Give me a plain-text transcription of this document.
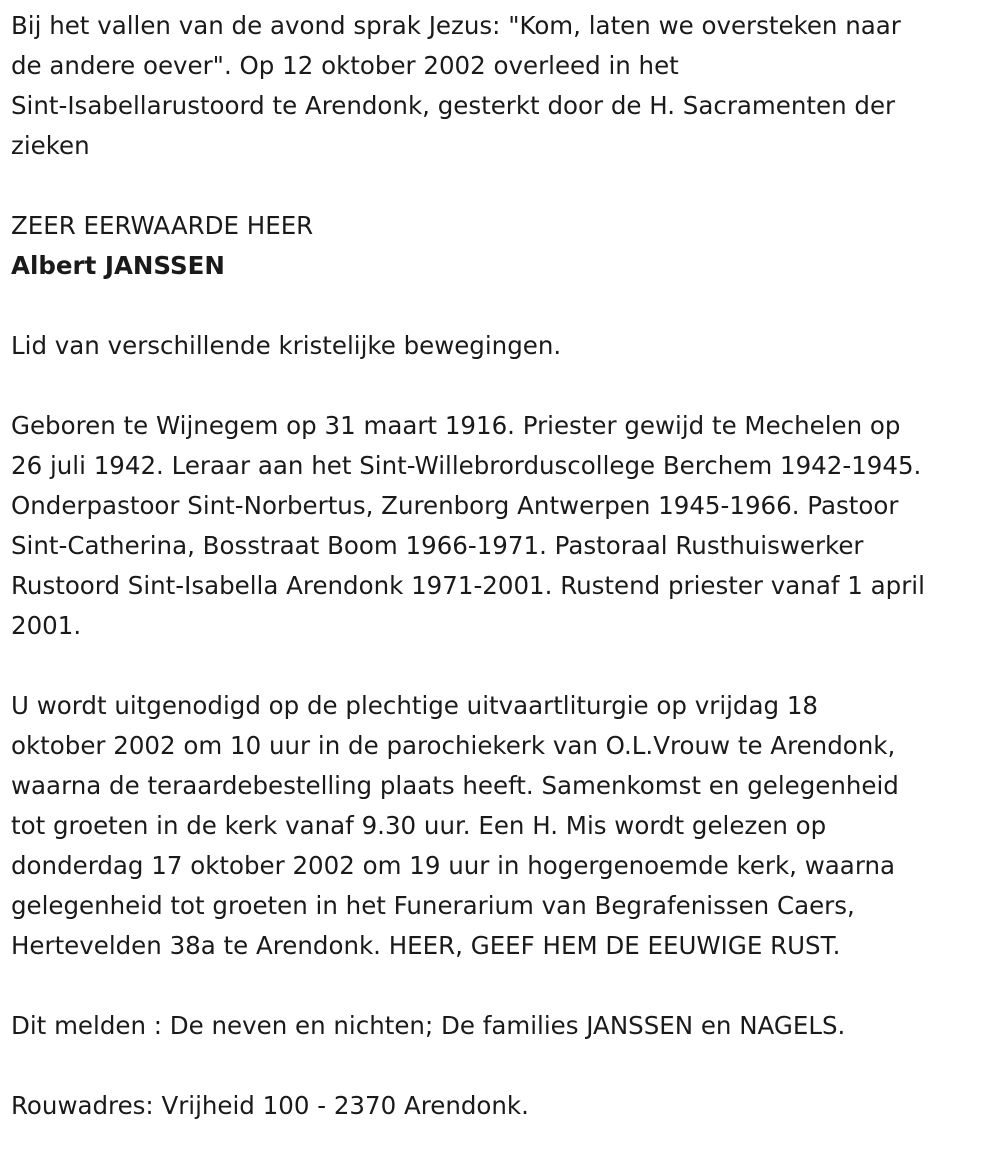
Bij het vallen van de avond sprak Jezus: "Kom, laten we oversteken naar
de andere oever". Op 12 oktober 2002 overleed in het
Sint-Isabellarustoord te Arendonk, gesterkt door de H. Sacramenten der
zieken

ZEER EERWAARDE HEER

Albert JANSSEN

Lid van verschillende kristelijke bewegingen.

Geboren te Wijnegem op 31 maart 1916. Priester gewijd te Mechelen op
26 juli 1942. Leraar aan het Sint-Willebrorduscollege Berchem 1942-1945.
Onderpastoor Sint-Norbertus, Zurenborg Antwerpen 1945-1966. Pastoor
Sint-Catherina, Bosstraat Boom 1966-1971. Pastoraal Rusthuiswerker
Rustoord Sint-Isabella Arendonk 1971-2001. Rustend priester vanaf 1 april
2001.

U wordt uitgenodigd op de plechtige uitvaartliturgie op vrijdag 18
oktober 2002 om 10 uur in de parochiekerk van O.L.Vrouw te Arendonk,
waarna de teraardebestelling plaats heeft. Samenkomst en gelegenheid
tot groeten in de kerk vanaf 9.30 uur. Een H. Mis wordt gelezen op
donderdag 17 oktober 2002 om 19 uur in hogergenoemde kerk, waarna
gelegenheid tot groeten in het Funerarium van Begrafenissen Caers,
Hertevelden 38a te Arendonk. HEER, GEEF HEM DE EEUWIGE RUST.

Dit melden : De neven en nichten; De families JANSSEN en NAGELS.

Rouwadres: Vrijheid 100 - 2370 Arendonk.
